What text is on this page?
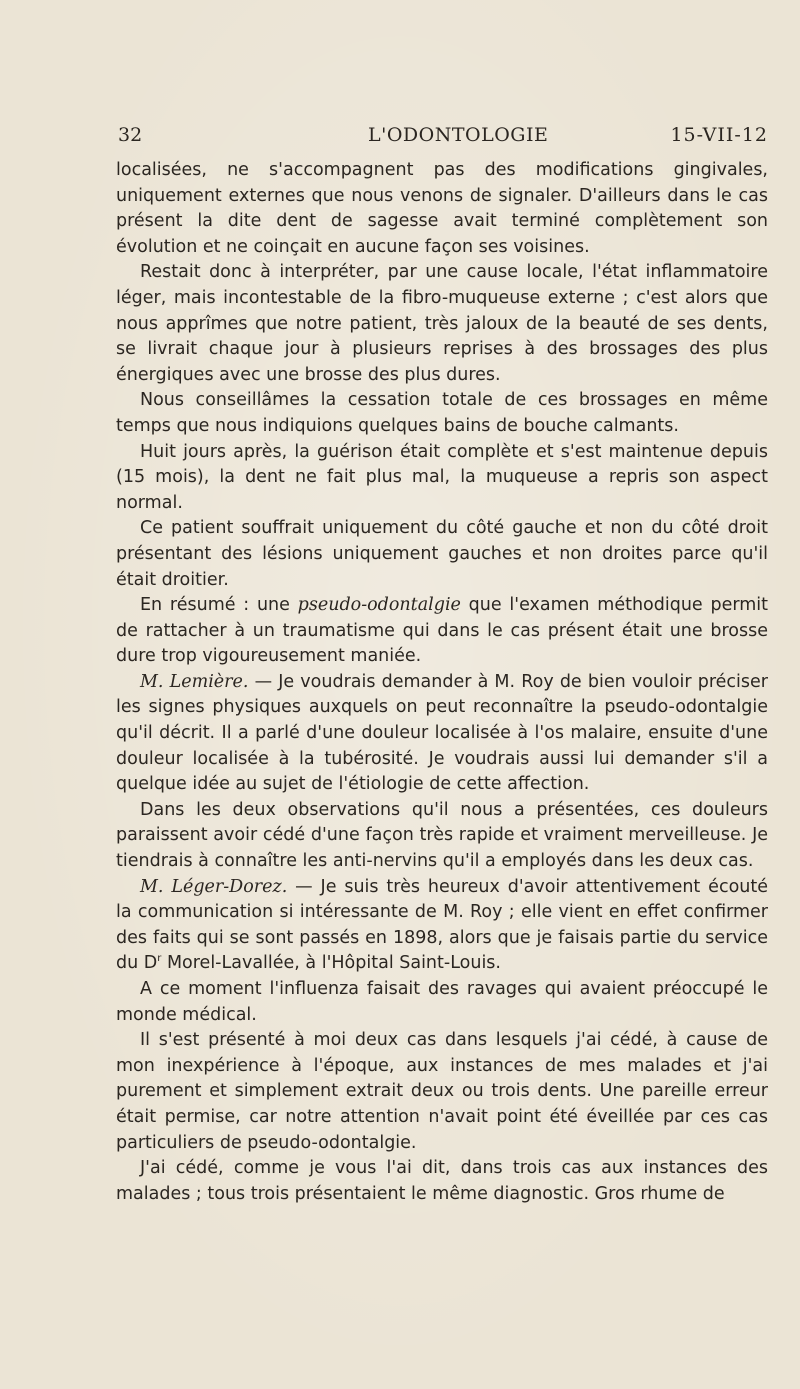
32	L'ODONTOLOGIE	15-VII-12

localisées, ne s'accompagnent pas des modifications gingivales, uniquement externes que nous venons de signaler. D'ailleurs dans le cas présent la dite dent de sagesse avait terminé complètement son évolution et ne coinçait en aucune façon ses voisines.

Restait donc à interpréter, par une cause locale, l'état inflammatoire léger, mais incontestable de la fibro-muqueuse externe ; c'est alors que nous apprîmes que notre patient, très jaloux de la beauté de ses dents, se livrait chaque jour à plusieurs reprises à des brossages des plus énergiques avec une brosse des plus dures.

Nous conseillâmes la cessation totale de ces brossages en même temps que nous indiquions quelques bains de bouche calmants.

Huit jours après, la guérison était complète et s'est maintenue depuis (15 mois), la dent ne fait plus mal, la muqueuse a repris son aspect normal.

Ce patient souffrait uniquement du côté gauche et non du côté droit présentant des lésions uniquement gauches et non droites parce qu'il était droitier.

En résumé : une pseudo-odontalgie que l'examen méthodique permit de rattacher à un traumatisme qui dans le cas présent était une brosse dure trop vigoureusement maniée.

M. Lemière. — Je voudrais demander à M. Roy de bien vouloir préciser les signes physiques auxquels on peut reconnaître la pseudo-odontalgie qu'il décrit. Il a parlé d'une douleur localisée à l'os malaire, ensuite d'une douleur localisée à la tubérosité. Je voudrais aussi lui demander s'il a quelque idée au sujet de l'étiologie de cette affection.

Dans les deux observations qu'il nous a présentées, ces douleurs paraissent avoir cédé d'une façon très rapide et vraiment merveilleuse. Je tiendrais à connaître les anti-nervins qu'il a employés dans les deux cas.

M. Léger-Dorez. — Je suis très heureux d'avoir attentivement écouté la communication si intéressante de M. Roy ; elle vient en effet confirmer des faits qui se sont passés en 1898, alors que je faisais partie du service du $D^r$ Morel-Lavallée, à l'Hôpital Saint-Louis.

A ce moment l'influenza faisait des ravages qui avaient préoccupé le monde médical.

Il s'est présenté à moi deux cas dans lesquels j'ai cédé, à cause de mon inexpérience à l'époque, aux instances de mes malades et j'ai purement et simplement extrait deux ou trois dents. Une pareille erreur était permise, car notre attention n'avait point été éveillée par ces cas particuliers de pseudo-odontalgie.

J'ai cédé, comme je vous l'ai dit, dans trois cas aux instances des malades ; tous trois présentaient le même diagnostic. Gros rhume de
